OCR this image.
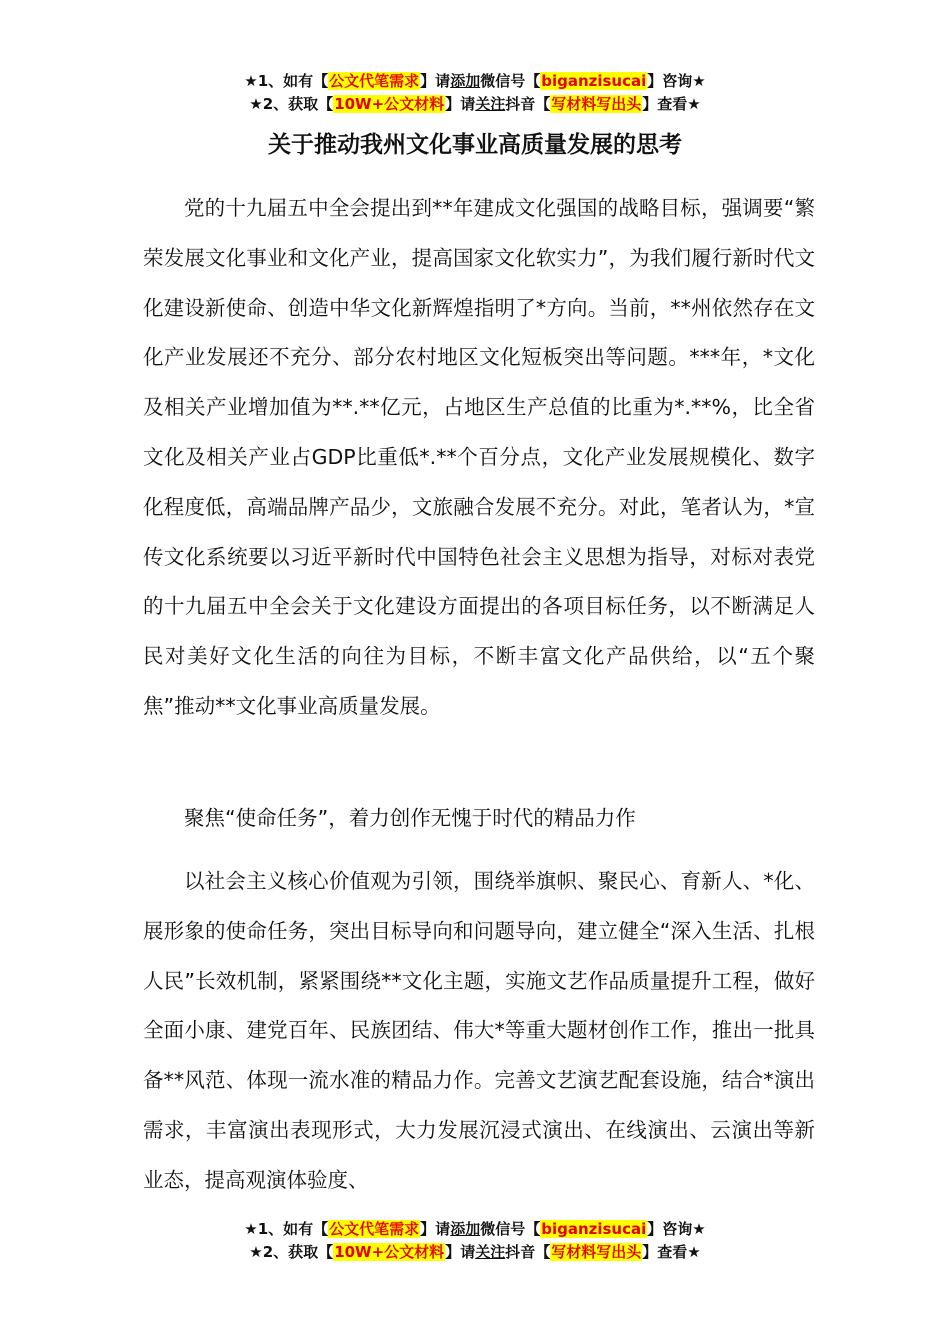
★1、如有【公文代笔需求】请添加微信号【biganzisucai】咨询★
★2、获取【10W+公文材料】请关注抖音【写材料写出头】查看★
关于推动我州文化事业高质量发展的思考

党的十九届五中全会提出到**年建成文化强国的战略目标，强调要“繁荣发展文化事业和文化产业，提高国家文化软实力”，为我们履行新时代文化建设新使命、创造中华文化新辉煌指明了*方向。当前，**州依然存在文化产业发展还不充分、部分农村地区文化短板突出等问题。***年，*文化及相关产业增加值为**.**亿元，占地区生产总值的比重为*.**%，比全省文化及相关产业占GDP比重低*.**个百分点，文化产业发展规模化、数字化程度低，高端品牌产品少，文旅融合发展不充分。对此，笔者认为，*宣传文化系统要以习近平新时代中国特色社会主义思想为指导，对标对表党的十九届五中全会关于文化建设方面提出的各项目标任务，以不断满足人民对美好文化生活的向往为目标，不断丰富文化产品供给，以“五个聚焦”推动**文化事业高质量发展。

聚焦“使命任务”，着力创作无愧于时代的精品力作

以社会主义核心价值观为引领，围绕举旗帜、聚民心、育新人、*化、展形象的使命任务，突出目标导向和问题导向，建立健全“深入生活、扎根人民”长效机制，紧紧围绕**文化主题，实施文艺作品质量提升工程，做好全面小康、建党百年、民族团结、伟大*等重大题材创作工作，推出一批具备**风范、体现一流水准的精品力作。完善文艺演艺配套设施，结合*演出需求，丰富演出表现形式，大力发展沉浸式演出、在线演出、云演出等新业态，提高观演体验度、

★1、如有【公文代笔需求】请添加微信号【biganzisucai】咨询★
★2、获取【10W+公文材料】请关注抖音【写材料写出头】查看★
